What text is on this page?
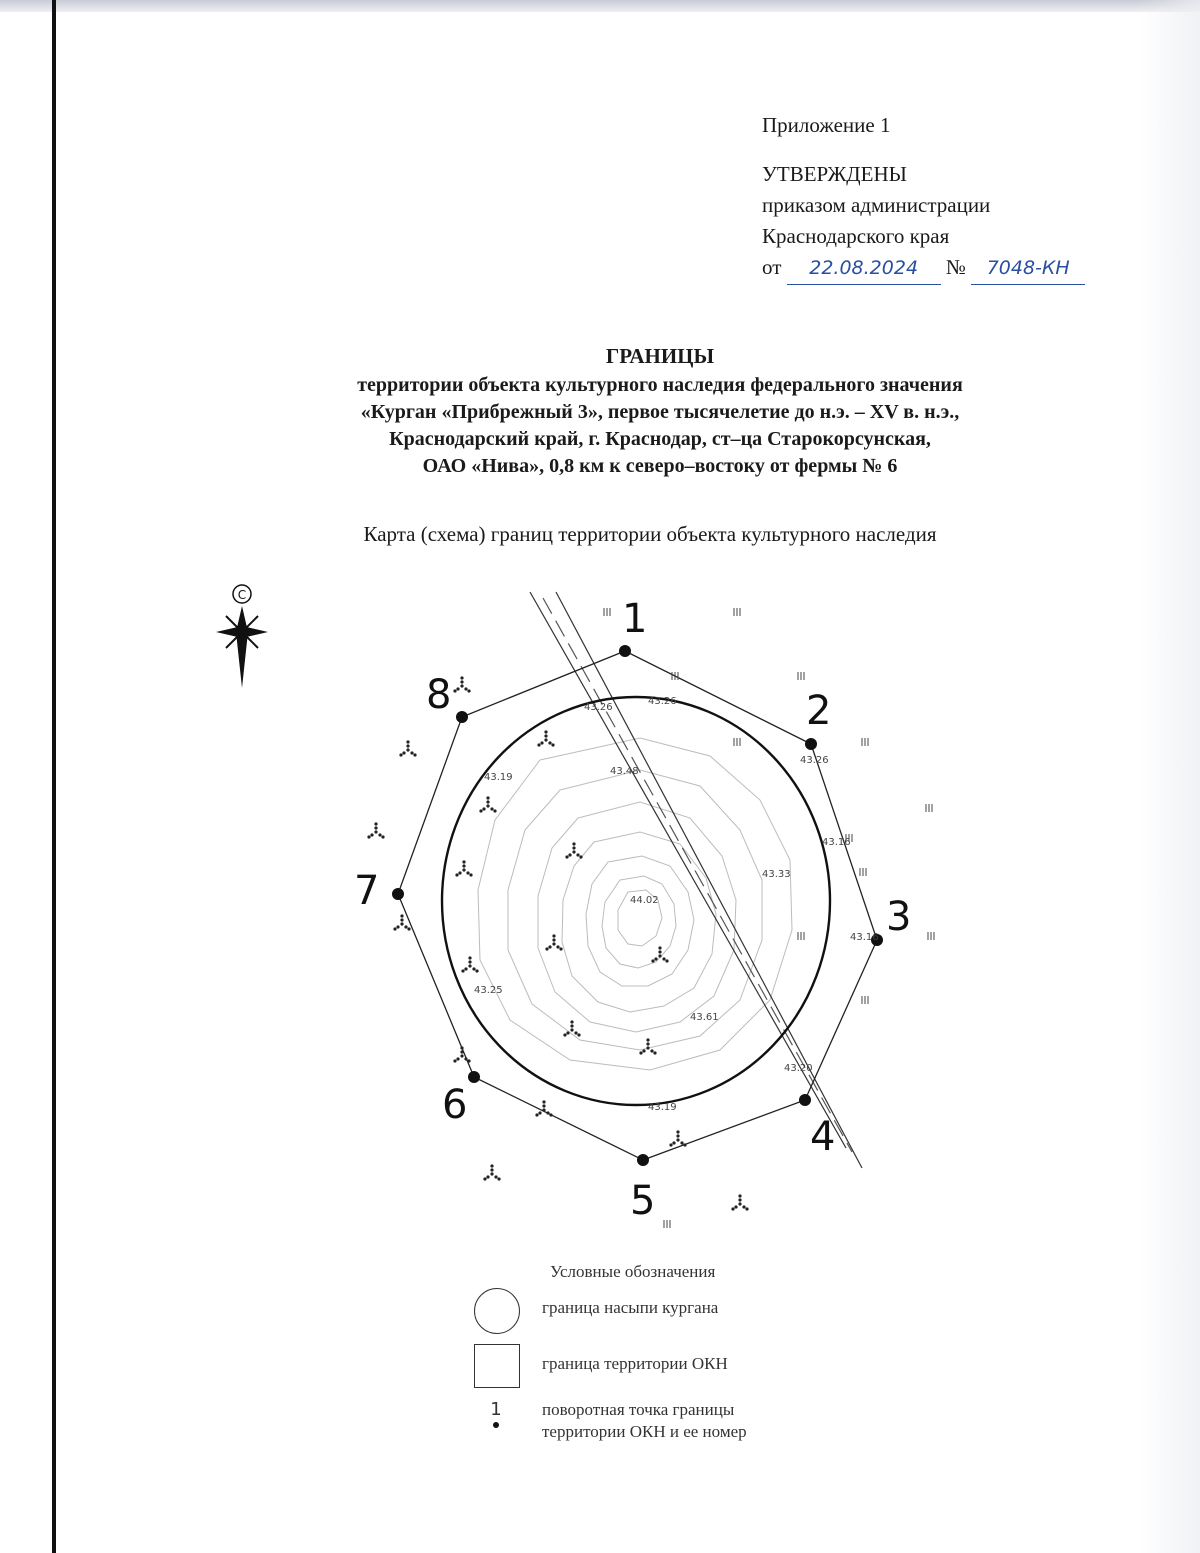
Приложение 1
УТВЕРЖДЕНЫ
приказом администрации
Краснодарского края
от 22.08.2024 № 7048-КН
ГРАНИЦЫ
территории объекта культурного наследия федерального значения
«Курган «Прибрежный 3», первое тысячелетие до н.э. – XV в. н.э.,
Краснодарский край, г. Краснодар, ст–ца Старокорсунская,
ОАО «Нива», 0,8 км к северо–востоку от фермы № 6
Карта (схема) границ территории объекта культурного наследия
С
1
2
3
4
5
6
7
8	43.26
43.26
43.26
43.48
43.19
43.16
43.33
44.02
43.16
43.25
43.61
43.20
43.19
Условные обозначения
граница насыпи кургана
граница территории ОКН
1	поворотная точка границы
территории ОКН и ее номер
